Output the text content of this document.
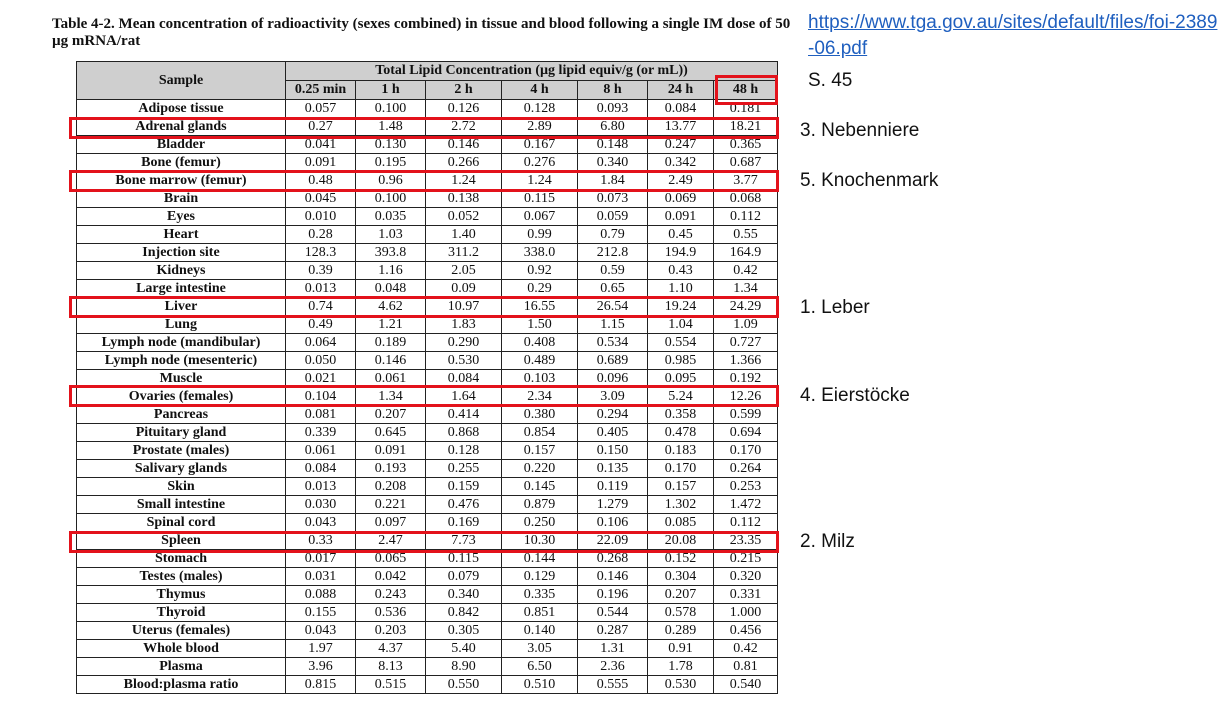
Table 4-2. Mean concentration of radioactivity (sexes combined) in tissue and blood following a single IM dose of 50 µg mRNA/rat
Sample	Total Lipid Concentration (µg lipid equiv/g (or mL))						
	0.25 min	1 h	2 h	4 h	8 h	24 h	48 h
Adipose tissue	0.057	0.100	0.126	0.128	0.093	0.084	0.181
Adrenal glands	0.27	1.48	2.72	2.89	6.80	13.77	18.21
Bladder	0.041	0.130	0.146	0.167	0.148	0.247	0.365
Bone (femur)	0.091	0.195	0.266	0.276	0.340	0.342	0.687
Bone marrow (femur)	0.48	0.96	1.24	1.24	1.84	2.49	3.77
Brain	0.045	0.100	0.138	0.115	0.073	0.069	0.068
Eyes	0.010	0.035	0.052	0.067	0.059	0.091	0.112
Heart	0.28	1.03	1.40	0.99	0.79	0.45	0.55
Injection site	128.3	393.8	311.2	338.0	212.8	194.9	164.9
Kidneys	0.39	1.16	2.05	0.92	0.59	0.43	0.42
Large intestine	0.013	0.048	0.09	0.29	0.65	1.10	1.34
Liver	0.74	4.62	10.97	16.55	26.54	19.24	24.29
Lung	0.49	1.21	1.83	1.50	1.15	1.04	1.09
Lymph node (mandibular)	0.064	0.189	0.290	0.408	0.534	0.554	0.727
Lymph node (mesenteric)	0.050	0.146	0.530	0.489	0.689	0.985	1.366
Muscle	0.021	0.061	0.084	0.103	0.096	0.095	0.192
Ovaries (females)	0.104	1.34	1.64	2.34	3.09	5.24	12.26
Pancreas	0.081	0.207	0.414	0.380	0.294	0.358	0.599
Pituitary gland	0.339	0.645	0.868	0.854	0.405	0.478	0.694
Prostate (males)	0.061	0.091	0.128	0.157	0.150	0.183	0.170
Salivary glands	0.084	0.193	0.255	0.220	0.135	0.170	0.264
Skin	0.013	0.208	0.159	0.145	0.119	0.157	0.253
Small intestine	0.030	0.221	0.476	0.879	1.279	1.302	1.472
Spinal cord	0.043	0.097	0.169	0.250	0.106	0.085	0.112
Spleen	0.33	2.47	7.73	10.30	22.09	20.08	23.35
Stomach	0.017	0.065	0.115	0.144	0.268	0.152	0.215
Testes (males)	0.031	0.042	0.079	0.129	0.146	0.304	0.320
Thymus	0.088	0.243	0.340	0.335	0.196	0.207	0.331
Thyroid	0.155	0.536	0.842	0.851	0.544	0.578	1.000
Uterus (females)	0.043	0.203	0.305	0.140	0.287	0.289	0.456
Whole blood	1.97	4.37	5.40	3.05	1.31	0.91	0.42
Plasma	3.96	8.13	8.90	6.50	2.36	1.78	0.81
Blood:plasma ratio	0.815	0.515	0.550	0.510	0.555	0.530	0.540
https://www.tga.gov.au/sites/default/files/foi-2389-06.pdf
S. 45
3. Nebenniere
5. Knochenmark
1. Leber
4. Eierstöcke
2. Milz
